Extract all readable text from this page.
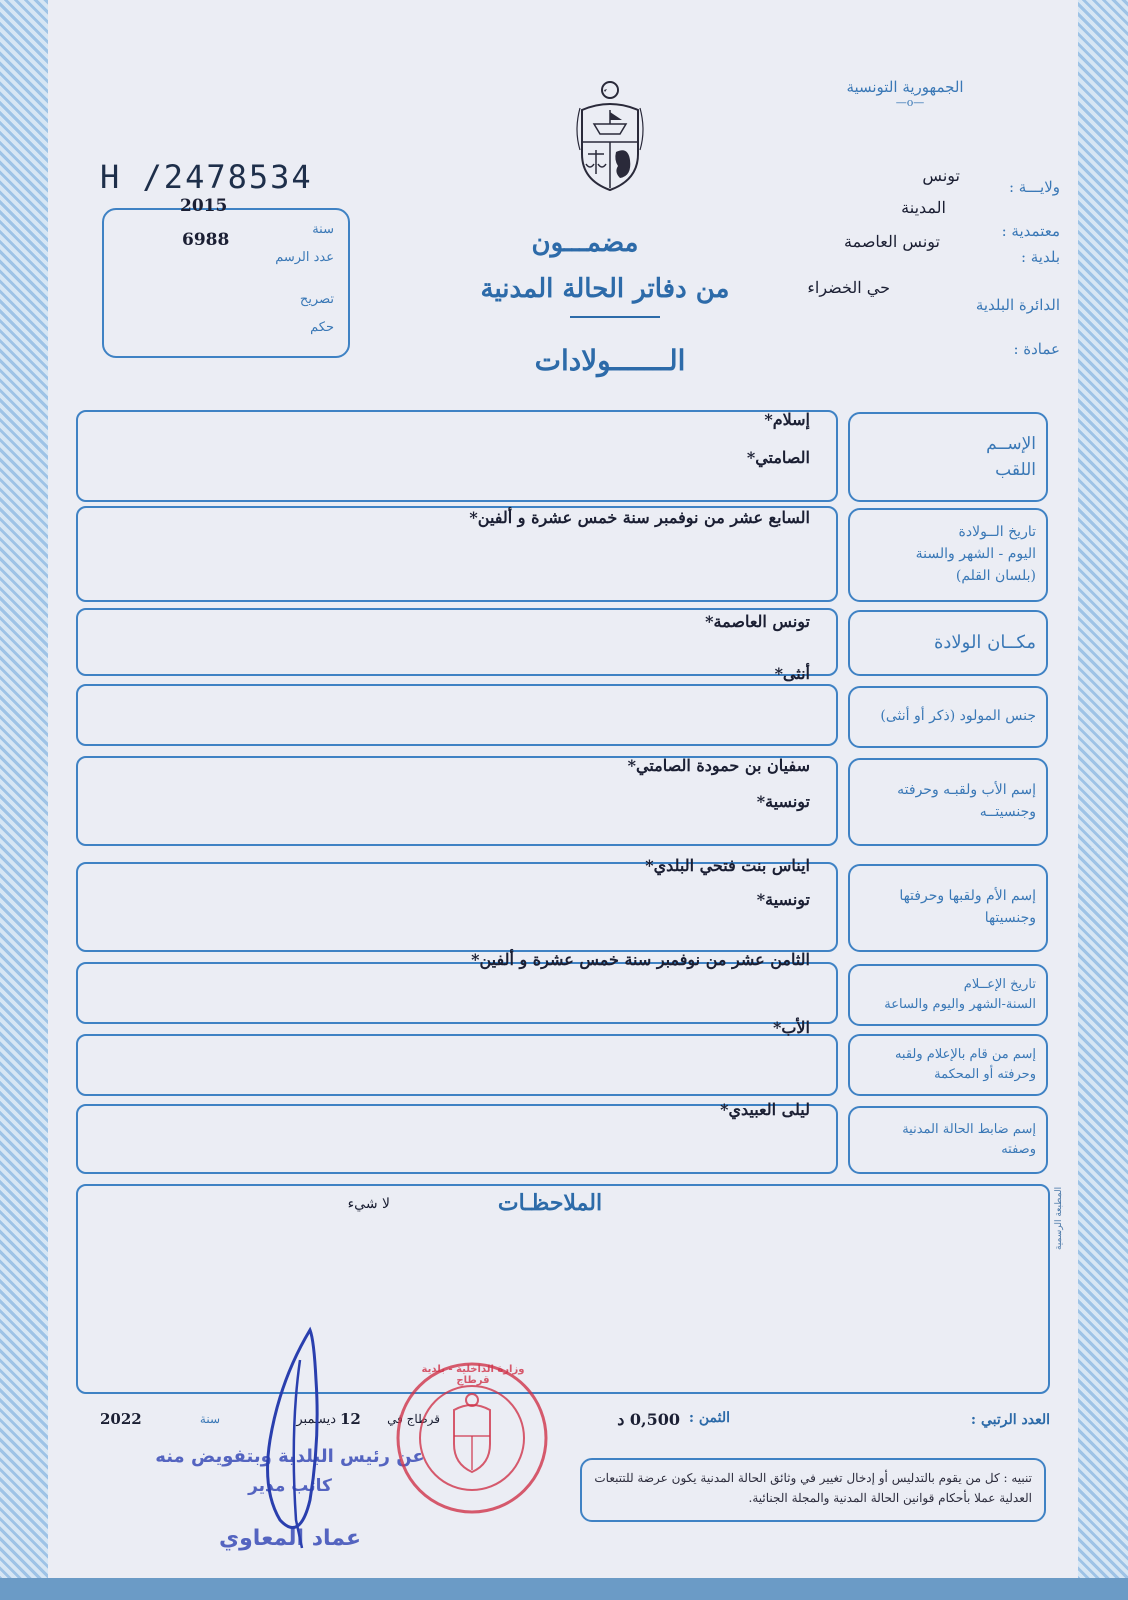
الجمهورية التونسية
—o—
H /2478534
2015
سنة
6988
عدد الرسم
تصريح
حكم
ولايـــة :
معتمدية :
بلدية :
الدائرة البلدية
عمادة :
تونس
المدينة
تونس العاصمة
حي الخضراء
مضمـــون
من دفاتر الحالة المدنية
الـــــــولادات
إسلام*
الصامتي*
الإســم
اللقب
السابع عشر من نوفمبر سنة خمس عشرة و ألفين*
تاريخ الــولادة
اليوم - الشهر والسنة
(بلسان القلم)
تونس العاصمة*
مكــان الولادة
أنثى*
جنس المولود (ذكر أو أنثى)
سفيان بن حمودة الصامتي*
تونسية*
إسم الأب ولقبـه وحرفته
وجنسيتــه
ايناس بنت فتحي البلدي*
تونسية*	إسم الأم ولقبها وحرفتها
وجنسيتها
الثامن عشر من نوفمبر سنة خمس عشرة و ألفين*
تاريخ الإعــلام
السنة-الشهر واليوم والساعة
الأب*
إسم من قام بالإعلام ولقبه
وحرفته أو المحكمة
ليلى العبيدي*
إسم ضابط الحالة المدنية
وصفته
الملاحظـات
لا شيء
العدد الرتبي :
الثمن :
0,500 د
قرطاج في
12
ديسمبر
سنة
2022
تنبيه : كل من يقوم بالتدليس أو إدخال تغيير في وثائق الحالة المدنية يكون عرضة للتتبعات العدلية عملا بأحكام قوانين الحالة المدنية والمجلة الجنائية.
عن رئيس البلدية وبتفويض منه
كاتب مدير
عماد المعاوي
وزارة الداخلية - بلدية قرطاج
المطبعة الرسمية
